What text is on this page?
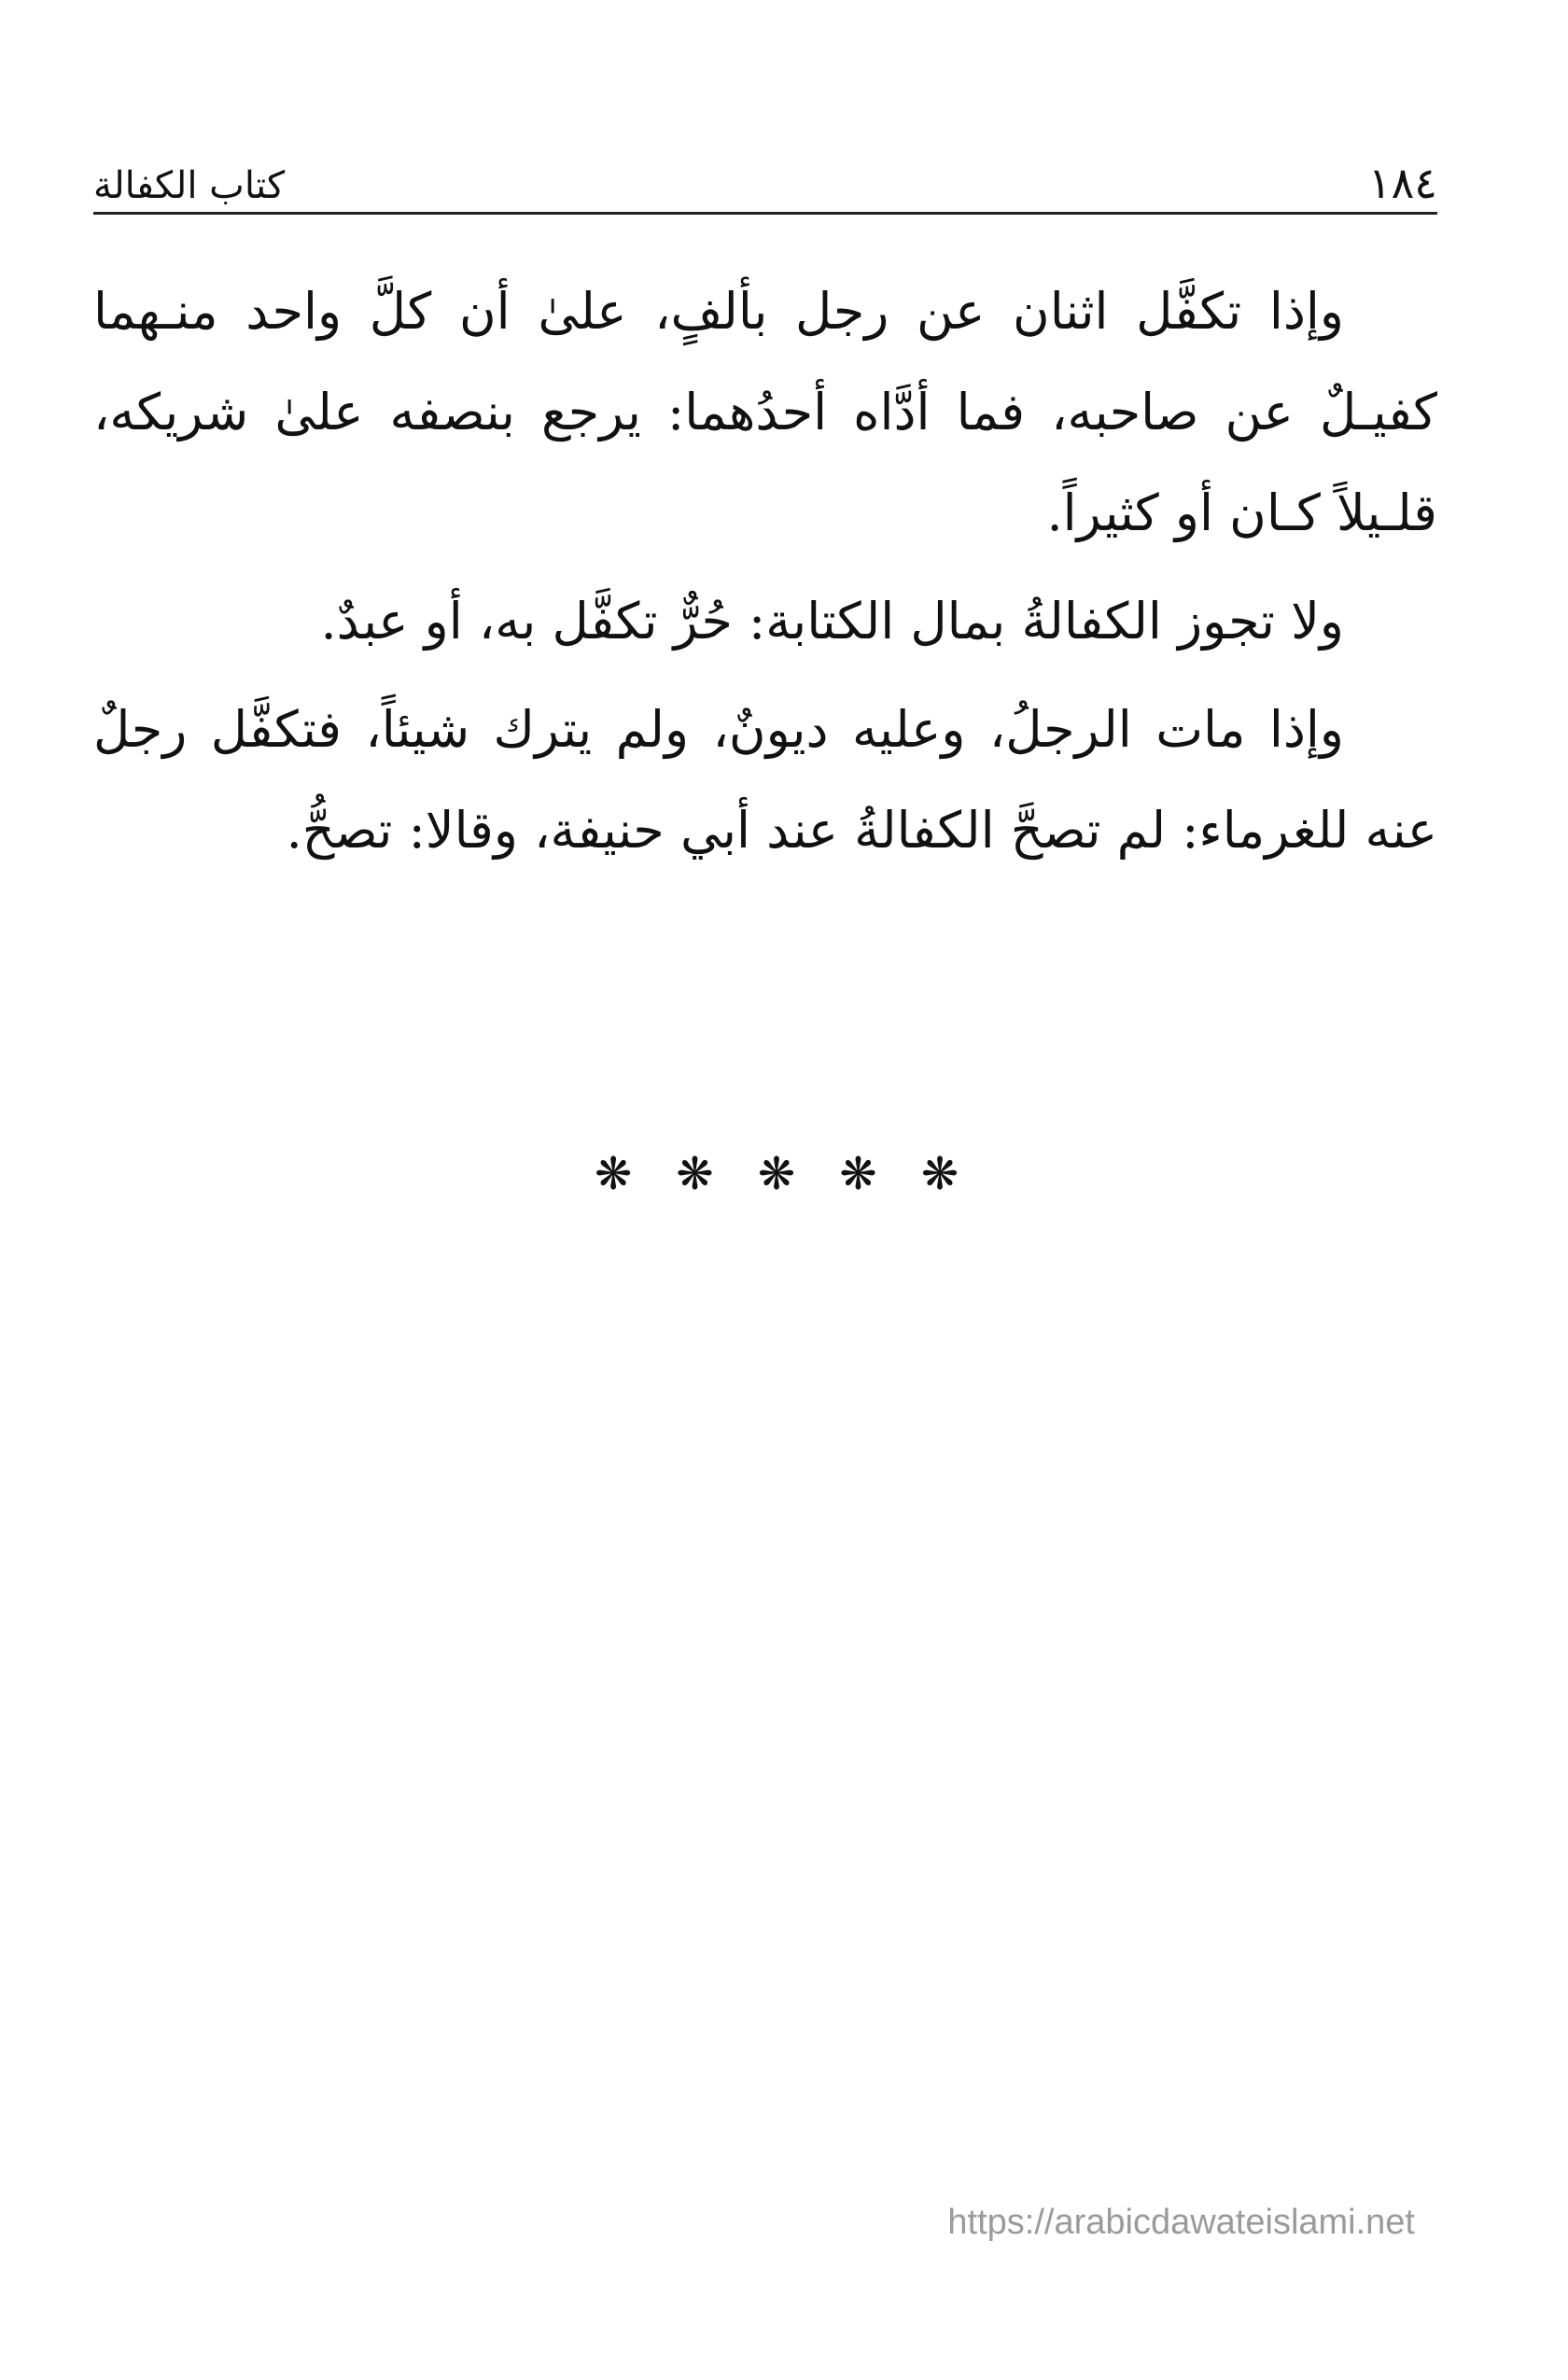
١٨٤
كتاب الكفالة

وإذا تكفَّل اثنان عن رجل بألفٍ، علىٰ أن كلَّ واحد منـهما كفيـلٌ عن صاحبه، فما أدَّاه أحدُهما: يرجع بنصفه علىٰ شريكه، قلـيلاً كـان أو كثيراً.

ولا تجوز الكفالةُ بمال الكتابة: حُرٌّ تكفَّل به، أو عبدٌ.

وإذا مات الرجلُ، وعليه ديونٌ، ولم يترك شيئاً، فتكفَّل رجلٌ عنه للغرماء: لم تصحَّ الكفالةُ عند أبي حنيفة، وقالا: تصحُّ.

❋ ❋ ❋ ❋ ❋
https://arabicdawateislami.net
